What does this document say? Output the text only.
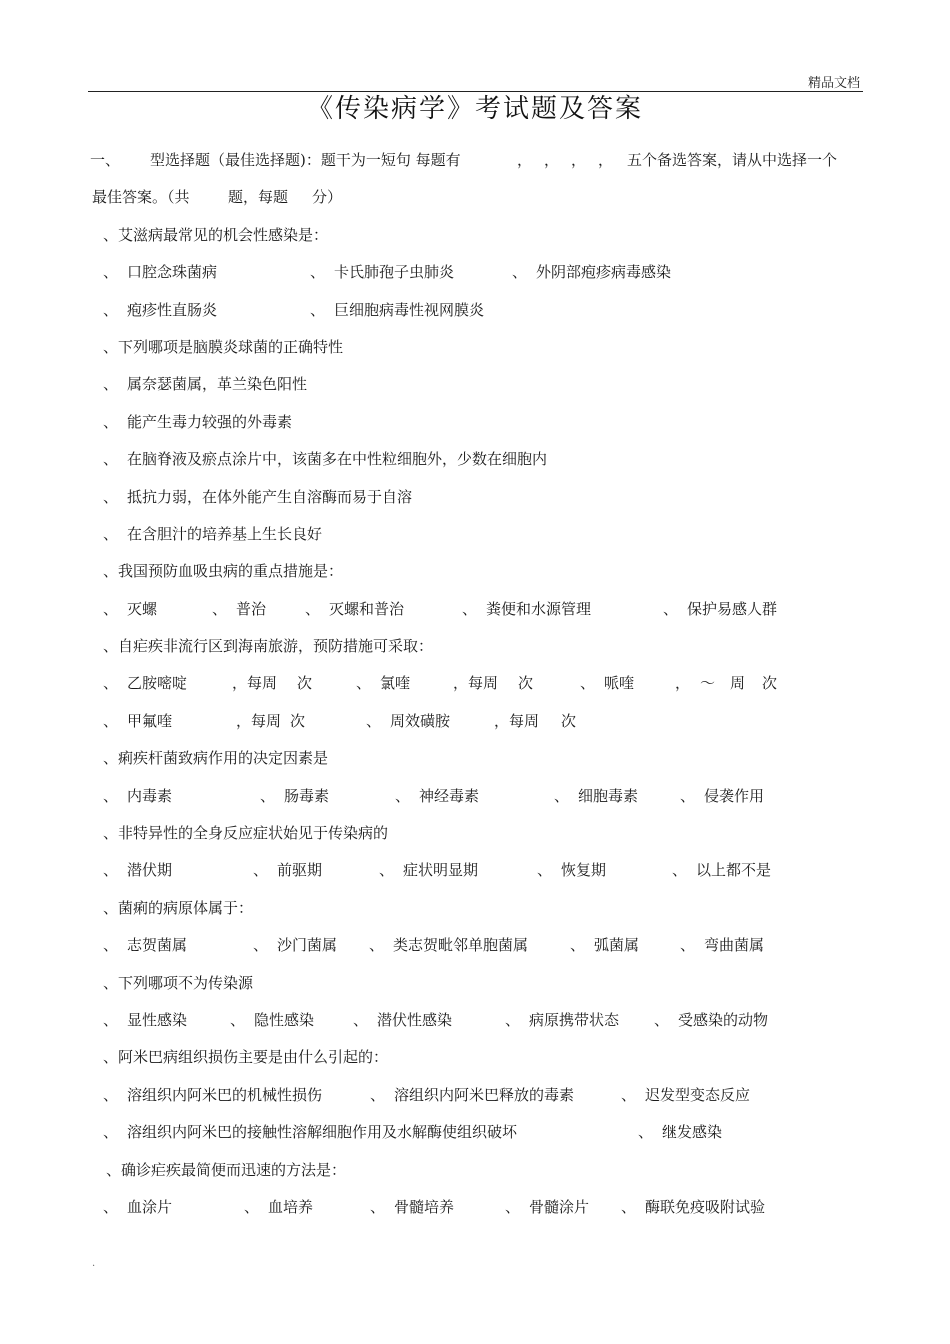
精品文档
《传染病学》考试题及答案
一、 型选择题（最佳选择题)：题干为一短句 每题有	， ， ， ， 五个备选答案，请从中选择一个
最佳答案。（共	题，每题 分）
、艾滋病最常见的机会性感染是：
、 口腔念珠菌病	、 卡氏肺孢子虫肺炎	、 外阴部疱疹病毒感染
、 疱疹性直肠炎	、 巨细胞病毒性视网膜炎
、下列哪项是脑膜炎球菌的正确特性
、 属奈瑟菌属，革兰染色阳性
、 能产生毒力较强的外毒素
、 在脑脊液及瘀点涂片中，该菌多在中性粒细胞外，少数在细胞内
、 抵抗力弱，在体外能产生自溶酶而易于自溶
、 在含胆汁的培养基上生长良好
、我国预防血吸虫病的重点措施是：
、 灭螺	、 普治	、 灭螺和普治	、 粪便和水源管理	、 保护易感人群
、自疟疾非流行区到海南旅游，预防措施可采取：
、 乙胺嘧啶	，每周 次	、 氯喹	，每周 次	、 哌喹	， ～ 周 次
、 甲氟喹	，每周 次	、 周效磺胺	，每周 次
、痢疾杆菌致病作用的决定因素是
、 内毒素	、 肠毒素	、 神经毒素	、 细胞毒素	、 侵袭作用
、非特异性的全身反应症状始见于传染病的
、 潜伏期	、 前驱期	、 症状明显期	、 恢复期	、 以上都不是
、菌痢的病原体属于：
、 志贺菌属	、 沙门菌属 、 类志贺毗邻单胞菌属	、 弧菌属	、 弯曲菌属
、下列哪项不为传染源
、 显性感染	、 隐性感染	、 潜伏性感染	、 病原携带状态 、 受感染的动物
、阿米巴病组织损伤主要是由什么引起的：
、 溶组织内阿米巴的机械性损伤	、 溶组织内阿米巴释放的毒素	、 迟发型变态反应
、 溶组织内阿米巴的接触性溶解细胞作用及水解酶使组织破坏	、 继发感染
、确诊疟疾最简便而迅速的方法是：
、 血涂片	、 血培养	、 骨髓培养	、 骨髓涂片 、 酶联免疫吸附试验
.
